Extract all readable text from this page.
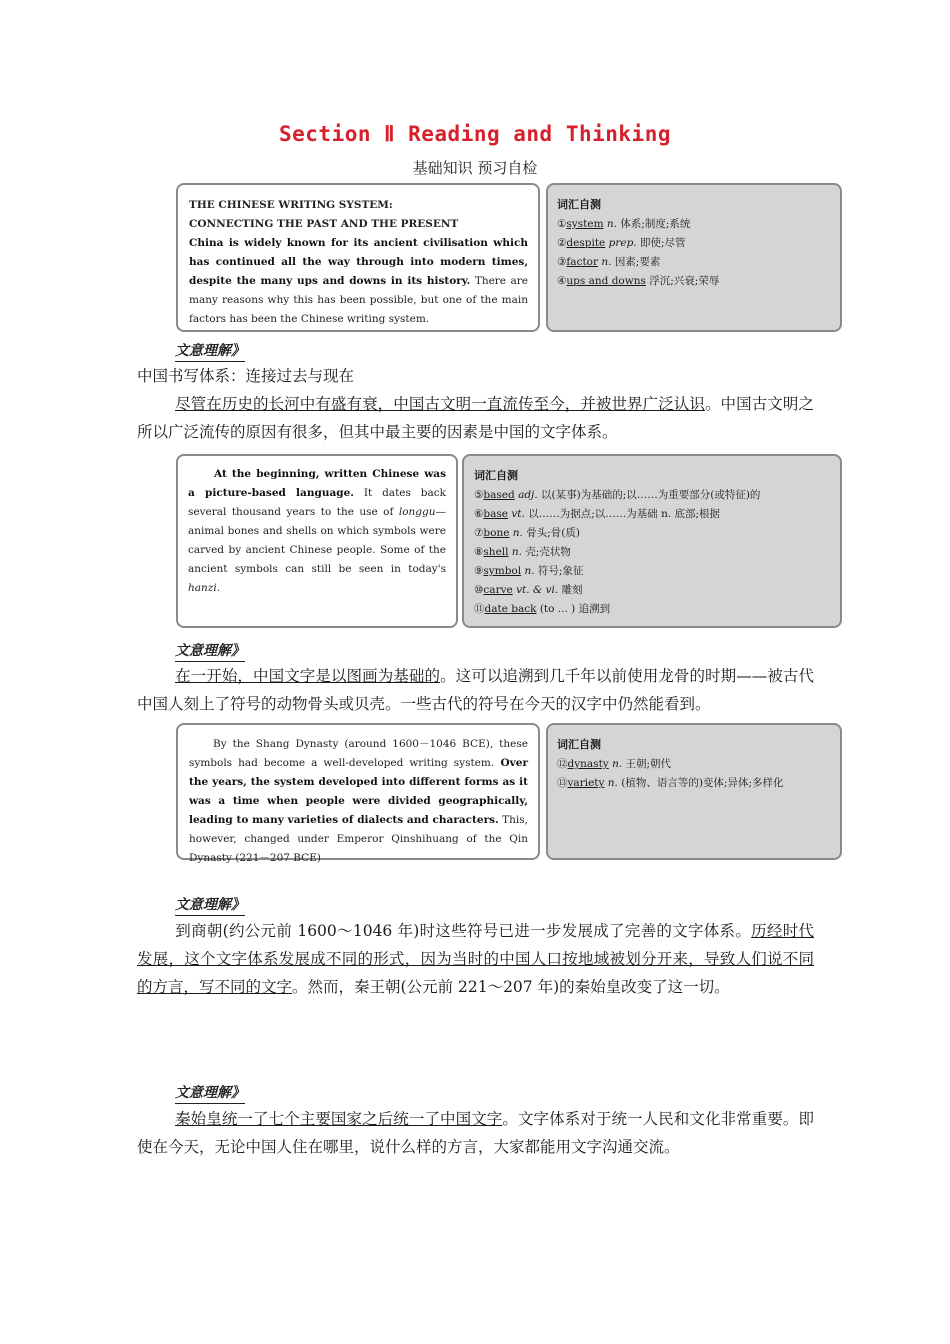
Section Ⅱ Reading and Thinking
基础知识 预习自检
THE CHINESE WRITING SYSTEM:
CONNECTING THE PAST AND THE PRESENT
China is widely known for its ancient civilisation which has continued all the way through into modern times, despite the many ups and downs in its history. There are many reasons why this has been possible, but one of the main factors has been the Chinese writing system.
词汇自测
①system n. 体系;制度;系统
②despite prep. 即使;尽管
③factor n. 因素;要素
④ups and downs 浮沉;兴衰;荣辱
文意理解》
中国书写体系：连接过去与现在
尽管在历史的长河中有盛有衰，中国古文明一直流传至今，并被世界广泛认识。中国古文明之所以广泛流传的原因有很多，但其中最主要的因素是中国的文字体系。
At the beginning, written Chinese was a picture-based language. It dates back several thousand years to the use of longgu—animal bones and shells on which symbols were carved by ancient Chinese people. Some of the ancient symbols can still be seen in today's hanzi.
词汇自测
⑤based adj. 以(某事)为基础的;以……为重要部分(或特征)的
⑥base vt. 以……为据点;以……为基础 n. 底部;根据
⑦bone n. 骨头;骨(质)
⑧shell n. 壳;壳状物
⑨symbol n. 符号;象征
⑩carve vt. & vi. 雕刻
⑪date back (to ... ) 追溯到
文意理解》
在一开始，中国文字是以图画为基础的。这可以追溯到几千年以前使用龙骨的时期——被古代中国人刻上了符号的动物骨头或贝壳。一些古代的符号在今天的汉字中仍然能看到。
By the Shang Dynasty (around 1600－1046 BCE), these symbols had become a well-developed writing system. Over the years, the system developed into different forms as it was a time when people were divided geographically, leading to many varieties of dialects and characters. This, however, changed under Emperor Qinshihuang of the Qin Dynasty (221－207 BCE)
词汇自测
⑫dynasty n. 王朝;朝代
⑬variety n. (植物、语言等的)变体;异体;多样化
文意理解》
到商朝(约公元前 1600～1046 年)时这些符号已进一步发展成了完善的文字体系。历经时代发展，这个文字体系发展成不同的形式，因为当时的中国人口按地域被划分开来，导致人们说不同的方言，写不同的文字。然而，秦王朝(公元前 221～207 年)的秦始皇改变了这一切。
文意理解》
秦始皇统一了七个主要国家之后统一了中国文字。文字体系对于统一人民和文化非常重要。即使在今天，无论中国人住在哪里，说什么样的方言，大家都能用文字沟通交流。
